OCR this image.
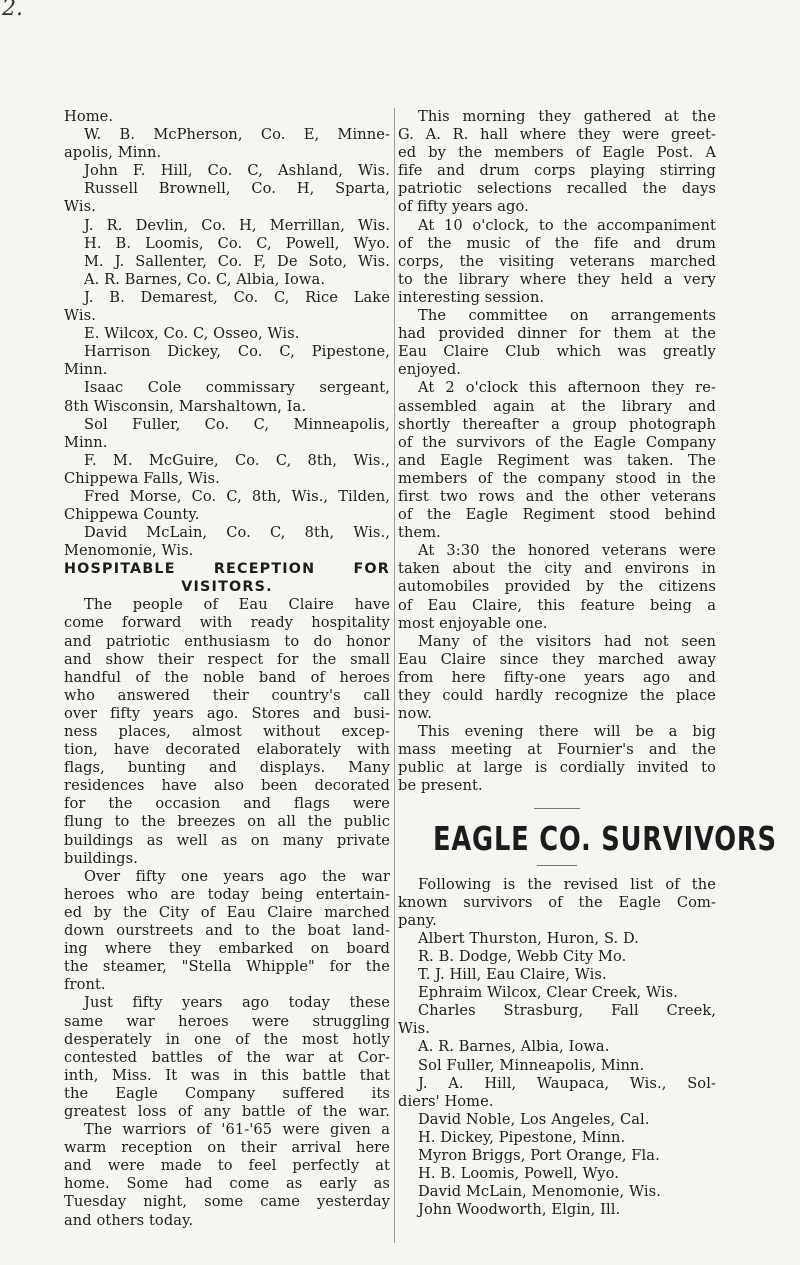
2.
Home.
W. B. McPherson, Co. E, Minne-
apolis, Minn.
John F. Hill, Co. C, Ashland, Wis.
Russell Brownell, Co. H, Sparta,
Wis.
J. R. Devlin, Co. H, Merrillan, Wis.
H. B. Loomis, Co. C, Powell, Wyo.
M. J. Sallenter, Co. F, De Soto, Wis.
A. R. Barnes, Co. C, Albia, Iowa.
J. B. Demarest, Co. C, Rice Lake
Wis.
E. Wilcox, Co. C, Osseo, Wis.
Harrison Dickey, Co. C, Pipestone,
Minn.
Isaac Cole commissary sergeant,
8th Wisconsin, Marshaltown, Ia.
Sol Fuller, Co. C, Minneapolis,
Minn.
F. M. McGuire, Co. C, 8th, Wis.,
Chippewa Falls, Wis.
Fred Morse, Co. C, 8th, Wis., Tilden,
Chippewa County.
David McLain, Co. C, 8th, Wis.,
Menomonie, Wis.
HOSPITABLE RECEPTION FOR
VISITORS.
The people of Eau Claire have
come forward with ready hospitality
and patriotic enthusiasm to do honor
and show their respect for the small
handful of the noble band of heroes
who answered their country's call
over fifty years ago. Stores and busi-
ness places, almost without excep-
tion, have decorated elaborately with
flags, bunting and displays. Many
residences have also been decorated
for the occasion and flags were
flung to the breezes on all the public
buildings as well as on many private
buildings.
Over fifty one years ago the war
heroes who are today being entertain-
ed by the City of Eau Claire marched
down ourstreets and to the boat land-
ing where they embarked on board
the steamer, "Stella Whipple" for the
front.
Just fifty years ago today these
same war heroes were struggling
desperately in one of the most hotly
contested battles of the war at Cor-
inth, Miss. It was in this battle that
the Eagle Company suffered its
greatest loss of any battle of the war.
The warriors of '61-'65 were given a
warm reception on their arrival here
and were made to feel perfectly at
home. Some had come as early as
Tuesday night, some came yesterday
and others today.
This morning they gathered at the
G. A. R. hall where they were greet-
ed by the members of Eagle Post. A
fife and drum corps playing stirring
patriotic selections recalled the days
of fifty years ago.
At 10 o'clock, to the accompaniment
of the music of the fife and drum
corps, the visiting veterans marched
to the library where they held a very
interesting session.
The committee on arrangements
had provided dinner for them at the
Eau Claire Club which was greatly
enjoyed.
At 2 o'clock this afternoon they re-
assembled again at the library and
shortly thereafter a group photograph
of the survivors of the Eagle Company
and Eagle Regiment was taken. The
members of the company stood in the
first two rows and the other veterans
of the Eagle Regiment stood behind
them.
At 3:30 the honored veterans were
taken about the city and environs in
automobiles provided by the citizens
of Eau Claire, this feature being a
most enjoyable one.
Many of the visitors had not seen
Eau Claire since they marched away
from here fifty-one years ago and
they could hardly recognize the place
now.
This evening there will be a big
mass meeting at Fournier's and the
public at large is cordially invited to
be present.
EAGLE CO. SURVIVORS
Following is the revised list of the
known survivors of the Eagle Com-
pany.
Albert Thurston, Huron, S. D.
R. B. Dodge, Webb City Mo.
T. J. Hill, Eau Claire, Wis.
Ephraim Wilcox, Clear Creek, Wis.
Charles Strasburg, Fall Creek,
Wis.
A. R. Barnes, Albia, Iowa.
Sol Fuller, Minneapolis, Minn.
J. A. Hill, Waupaca, Wis., Sol-
diers' Home.
David Noble, Los Angeles, Cal.
H. Dickey, Pipestone, Minn.
Myron Briggs, Port Orange, Fla.
H. B. Loomis, Powell, Wyo.
David McLain, Menomonie, Wis.
John Woodworth, Elgin, Ill.
